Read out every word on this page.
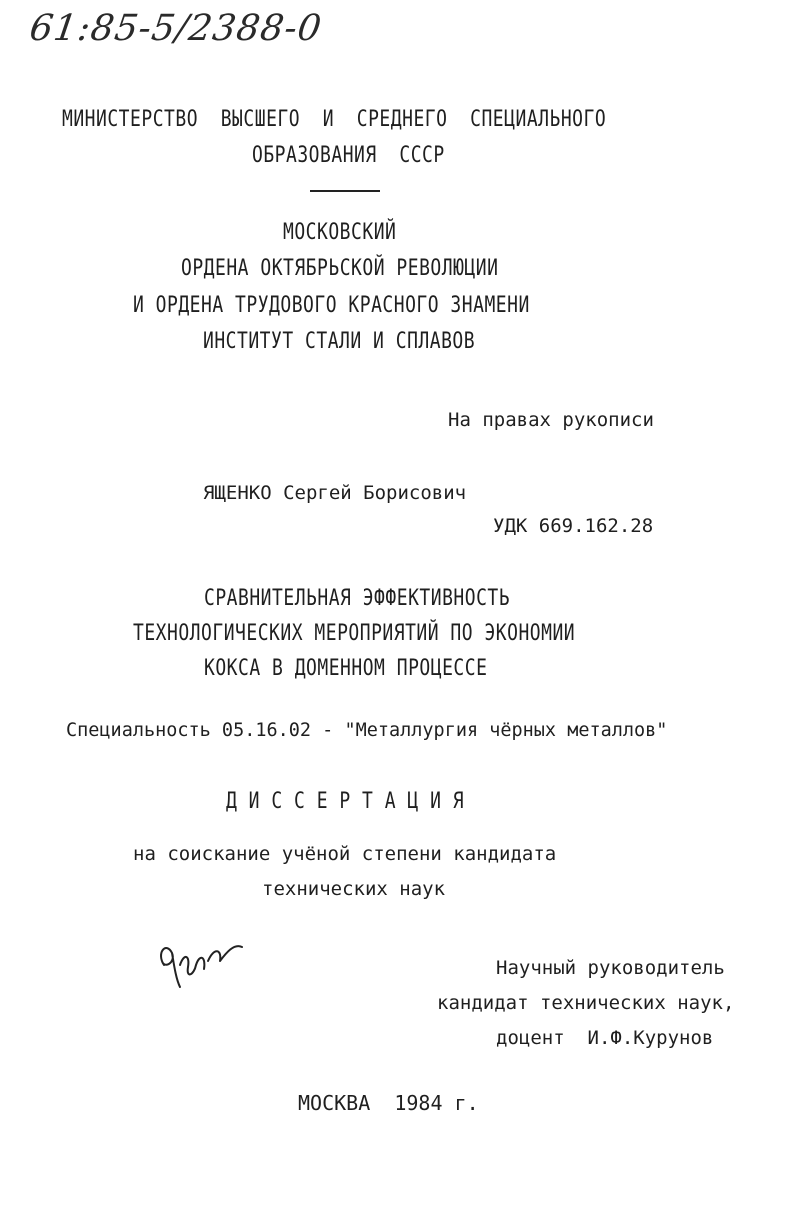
61:85-5/2388-0
МИНИСТЕРСТВО  ВЫСШЕГО  И  СРЕДНЕГО  СПЕЦИАЛЬНОГО
ОБРАЗОВАНИЯ  СССР
МОСКОВСКИЙ
ОРДЕНА ОКТЯБРЬСКОЙ РЕВОЛЮЦИИ
И ОРДЕНА ТРУДОВОГО КРАСНОГО ЗНАМЕНИ
ИНСТИТУТ СТАЛИ И СПЛАВОВ
На правах рукописи
ЯЩЕНКО Сергей Борисович
УДК 669.162.28
СРАВНИТЕЛЬНАЯ ЭФФЕКТИВНОСТЬ
ТЕХНОЛОГИЧЕСКИХ МЕРОПРИЯТИЙ ПО ЭКОНОМИИ
КОКСА В ДОМЕННОМ ПРОЦЕССЕ
Специальность 05.16.02 - "Металлургия чёрных металлов"
Д И С С Е Р Т А Ц И Я
на соискание учёной степени кандидата
технических наук
Научный руководитель
кандидат технических наук,
доцент  И.Ф.Курунов
МОСКВА  1984 г.
